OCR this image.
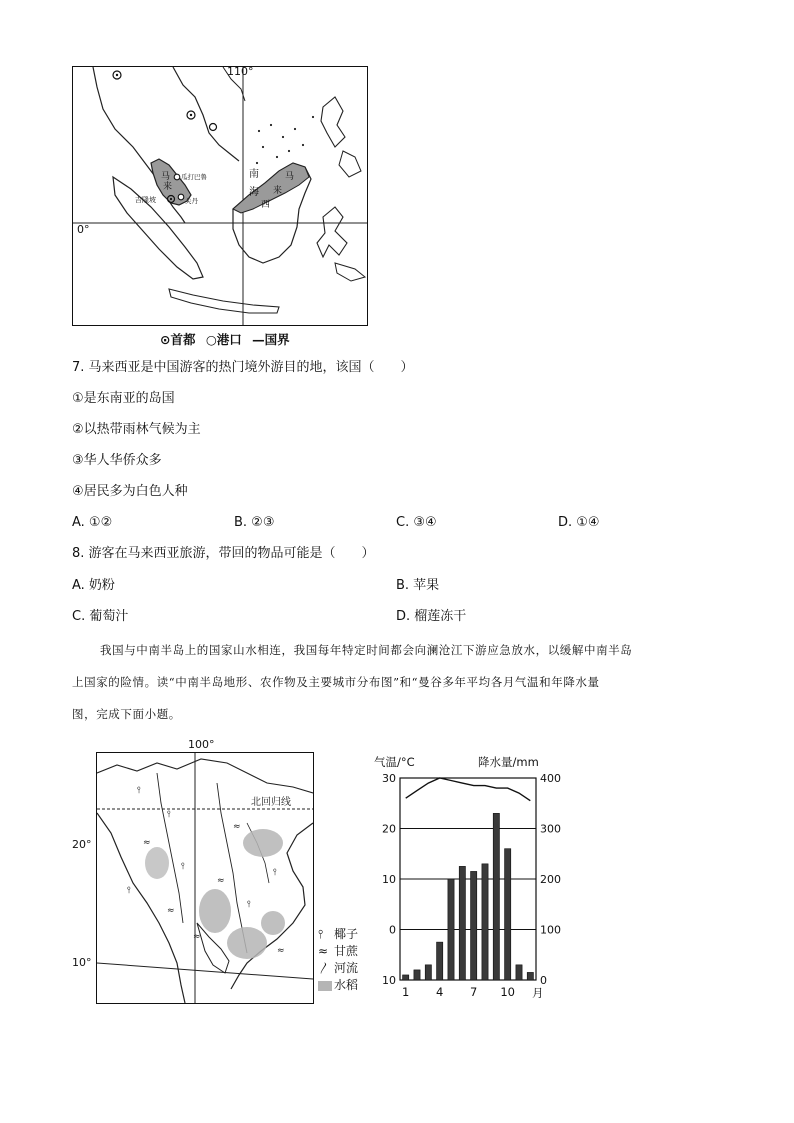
110°
0°
南
海
马
来
西
马
来
瓜打巴鲁
吉隆坡	关丹
⊙首都 ○港口 —国界
7. 马来西亚是中国游客的热门境外游目的地，该国（　　）
①是东南亚的岛国
②以热带雨林气候为主
③华人华侨众多
④居民多为白色人种
A. ①②	B. ②③	C. ③④	D. ①④
8. 游客在马来西亚旅游，带回的物品可能是（　　）
A. 奶粉	B. 苹果
C. 葡萄汁	D. 榴莲冻干
我国与中南半岛上的国家山水相连，我国每年特定时间都会向澜沧江下游应急放水，以缓解中南半岛
上国家的险情。读“中南半岛地形、农作物及主要城市分布图”和“曼谷多年平均各月气温和年降水量
图，完成下面小题。
100°
⫯
⫯
≈
⫯
≈
⫯
≈
⫯
≈
≈
⫯
≈
北回归线
20°
10°
⫯ 椰子
≈ 甘蔗
〳 河流
水稻
气温/°C	降水量/mm
30
20
10
0
10
400
300
200
100
0
1 4 7 10 月
